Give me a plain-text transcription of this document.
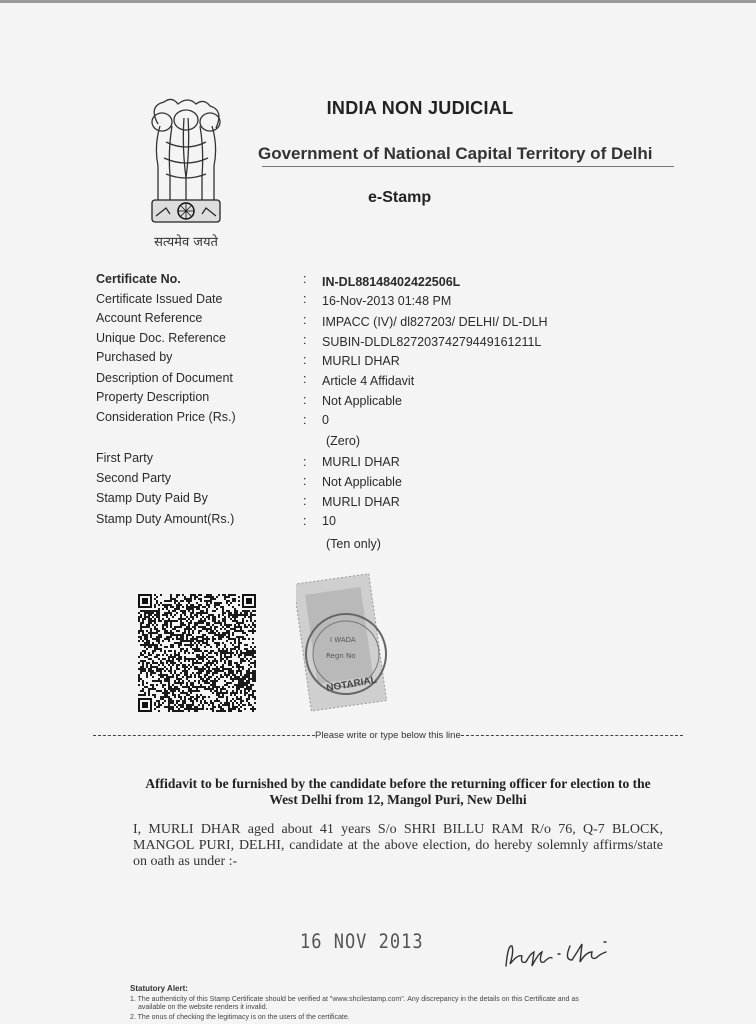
सत्यमेव जयते
INDIA NON JUDICIAL
Government of National Capital Territory of Delhi
e-Stamp
Certificate No.	: IN-DL88148402422506L
Certificate Issued Date	: 16-Nov-2013 01:48 PM
Account Reference	: IMPACC (IV)/ dl827203/ DELHI/ DL-DLH
Unique Doc. Reference	: SUBIN-DLDL82720374279449161211L
Purchased by	: MURLI DHAR
Description of Document	: Article 4 Affidavit
Property Description	: Not Applicable
Consideration Price (Rs.)	: 0
(Zero)
First Party	: MURLI DHAR
Second Party	: Not Applicable
Stamp Duty Paid By	: MURLI DHAR
Stamp Duty Amount(Rs.)	: 10
(Ten only)
I WADA
Regn No
NOTARIAL
Please write or type below this line
Affidavit to be furnished by the candidate before the returning officer for election to the
West Delhi from 12, Mangol Puri, New Delhi
I, MURLI DHAR aged about 41 years S/o SHRI BILLU RAM R/o 76, Q-7 BLOCK, MANGOL PURI, DELHI, candidate at the above election, do hereby solemnly affirms/state on oath as under :-
16 NOV 2013
Statutory Alert:
1. The authenticity of this Stamp Certificate should be verified at "www.shcilestamp.com". Any discrepancy in the details on this Certificate and as
available on the website renders it invalid.
2. The onus of checking the legitimacy is on the users of the certificate.
